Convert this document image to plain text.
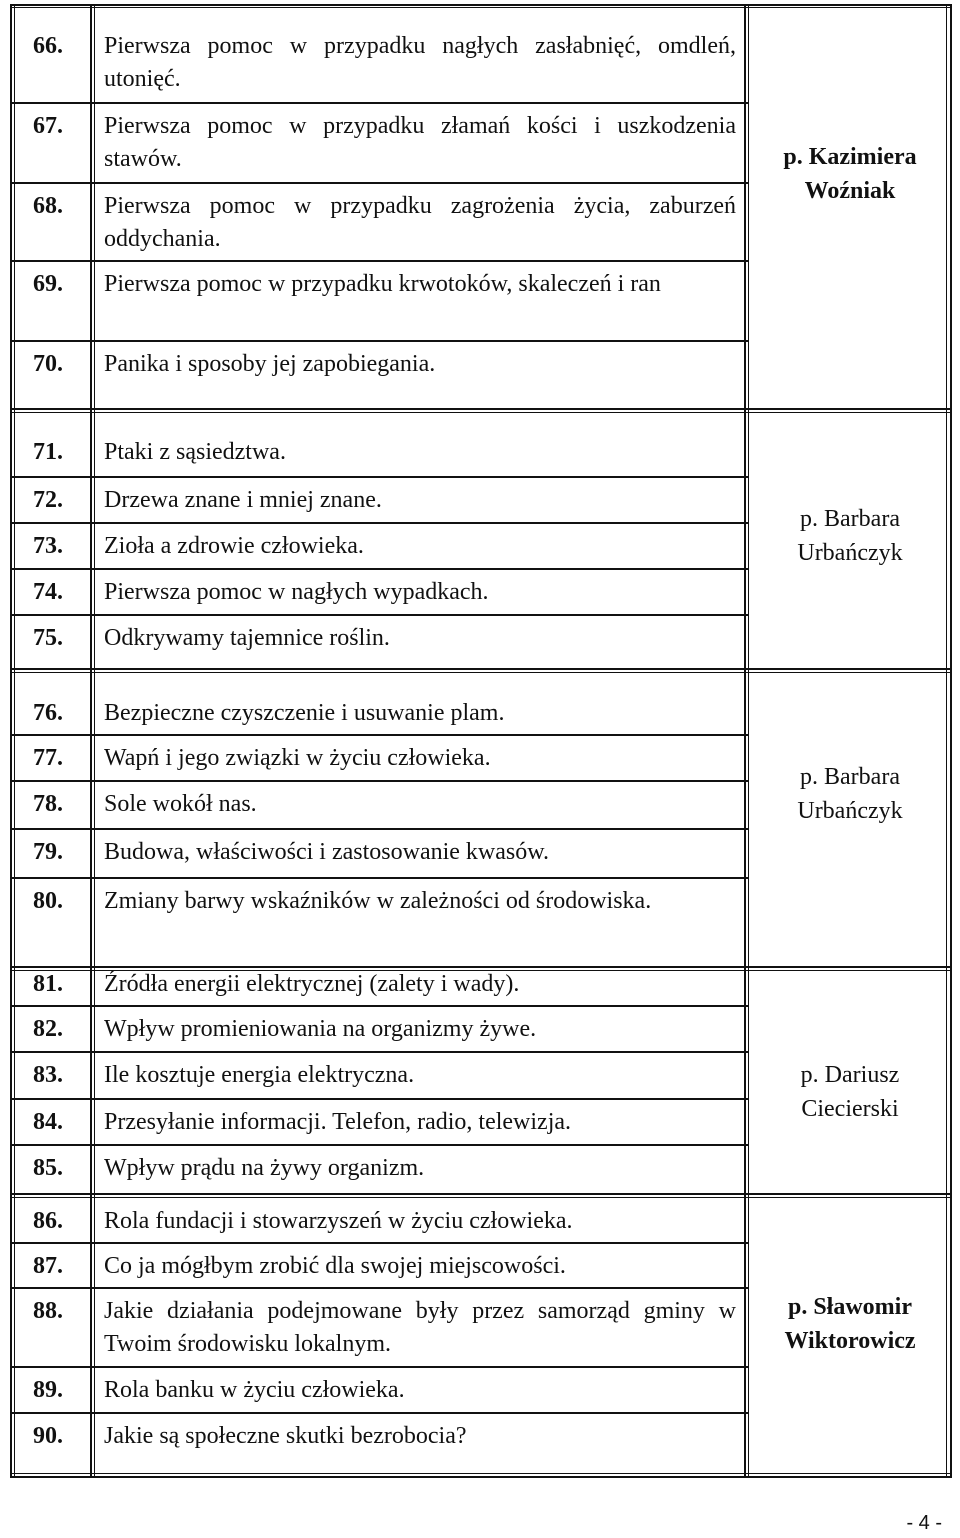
66.	Pierwsza pomoc w przypadku nagłych zasłabnięć, omdleń, utonięć.
67.	Pierwsza pomoc w przypadku złamań kości i uszkodzenia stawów.
68.	Pierwsza pomoc w przypadku zagrożenia życia, zaburzeń oddychania.
69.	Pierwsza pomoc w przypadku krwotoków, skaleczeń i ran
70.	Panika i sposoby jej zapobiegania.
p. Kazimiera
Woźniak
71.	Ptaki z sąsiedztwa.
72.	Drzewa znane i mniej znane.
73.	Zioła a zdrowie człowieka.
74.	Pierwsza pomoc w nagłych wypadkach.
75.	Odkrywamy tajemnice roślin.
p. Barbara
Urbańczyk
76.	Bezpieczne czyszczenie i usuwanie plam.
77.	Wapń i jego związki w życiu człowieka.
78.	Sole wokół nas.
79.	Budowa, właściwości i zastosowanie kwasów.
80.	Zmiany barwy wskaźników w zależności od środowiska.
p. Barbara
Urbańczyk
81.	Źródła energii elektrycznej (zalety i wady).
82.	Wpływ promieniowania na organizmy żywe.
83.	Ile kosztuje energia elektryczna.
84.	Przesyłanie informacji. Telefon, radio, telewizja.
85.	Wpływ prądu na żywy organizm.
p. Dariusz
Ciecierski
86.	Rola fundacji i stowarzyszeń w życiu człowieka.
87.	Co ja mógłbym zrobić dla swojej miejscowości.
88.	Jakie działania podejmowane były przez samorząd gminy w Twoim środowisku lokalnym.
89.	Rola banku w życiu człowieka.
90.	Jakie są społeczne skutki bezrobocia?
p. Sławomir
Wiktorowicz
- 4 -
